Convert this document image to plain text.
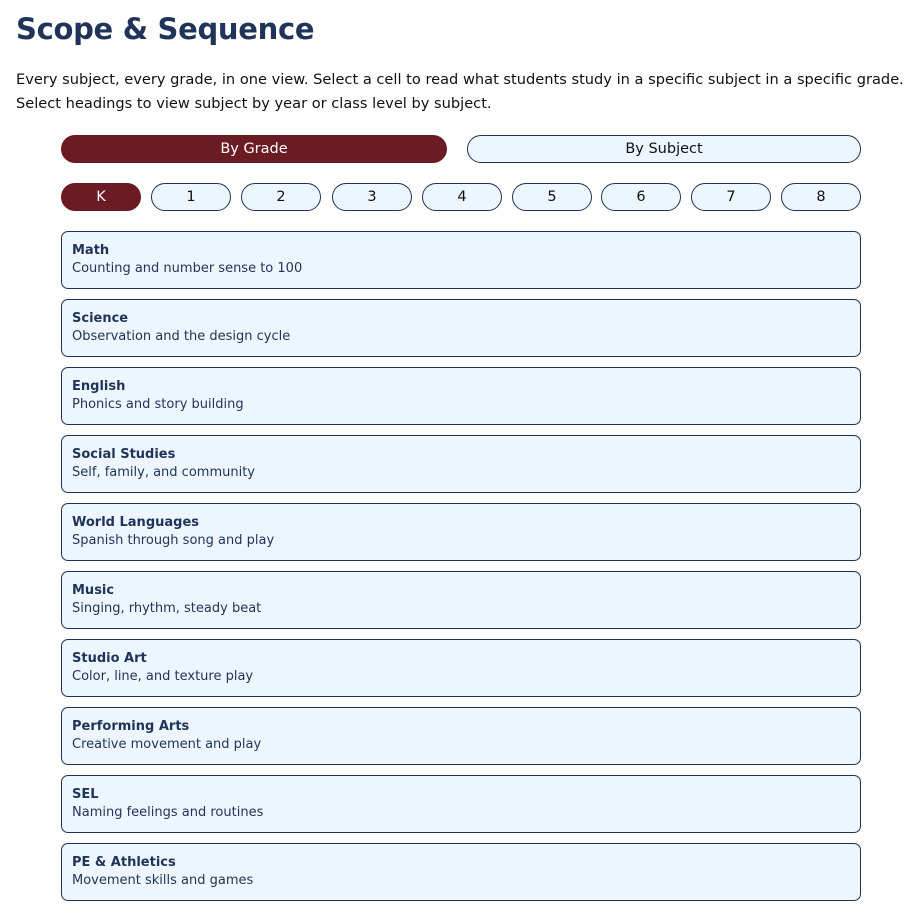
Scope & Sequence

Every subject, every grade, in one view. Select a cell to read what students study in a specific subject in a specific grade. Select headings to view subject by year or class level by subject.

By Grade	By Subject
K	1	2	3	4	5	6	7	8
Math
Counting and number sense to 100
Science
Observation and the design cycle
English
Phonics and story building
Social Studies
Self, family, and community
World Languages
Spanish through song and play
Music
Singing, rhythm, steady beat
Studio Art
Color, line, and texture play
Performing Arts
Creative movement and play
SEL
Naming feelings and routines
PE & Athletics
Movement skills and games
